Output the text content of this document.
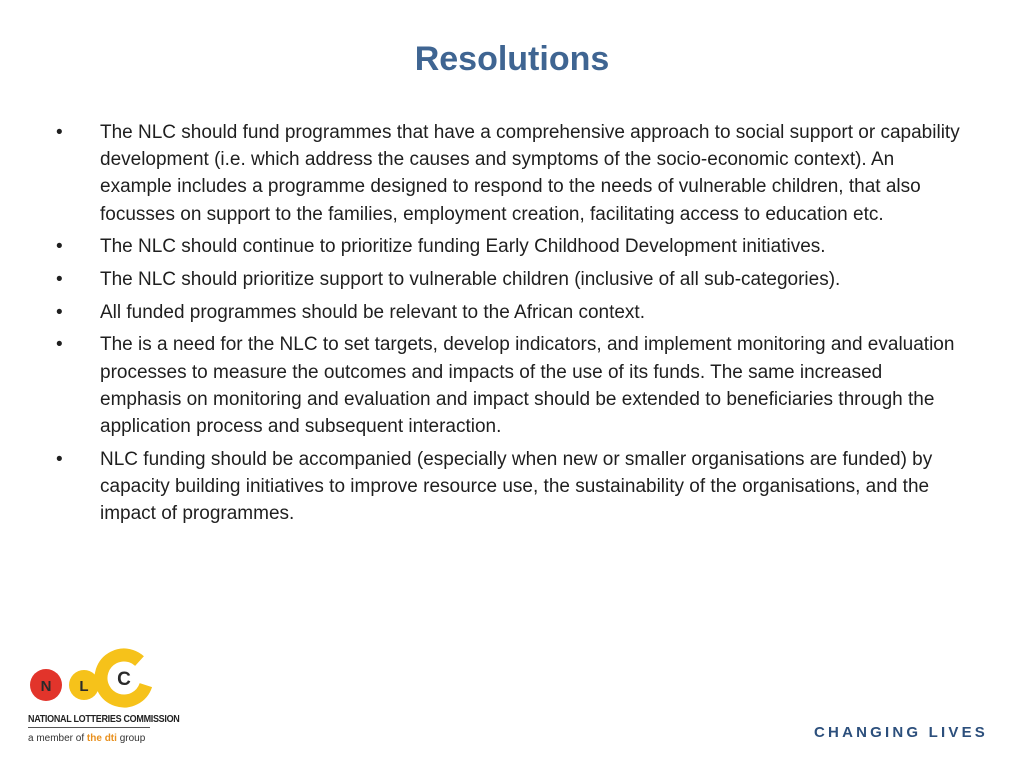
Resolutions
•	The NLC should fund programmes that have a comprehensive approach to social support or capability development (i.e. which address the causes and symptoms of the socio-economic context). An example includes a programme designed to respond to the needs of vulnerable children, that also focusses on support to the families, employment creation, facilitating access to education etc.
•	The NLC should continue to prioritize funding Early Childhood Development initiatives.
•	The NLC should prioritize support to vulnerable children (inclusive of all sub-categories).
•	All funded programmes should be relevant to the African context.
•	The is a need for the NLC to set targets, develop indicators, and implement monitoring and evaluation processes to measure the outcomes and impacts of the use of its funds. The same increased emphasis on monitoring and evaluation and impact should be extended to beneficiaries through the application process and subsequent interaction.
•	NLC funding should be accompanied (especially when new or smaller organisations are funded) by capacity building initiatives to improve resource use, the sustainability of the organisations, and the impact of programmes.
C
L
N
NATIONAL LOTTERIES COMMISSION
a member of the dti group	CHANGING LIVES
